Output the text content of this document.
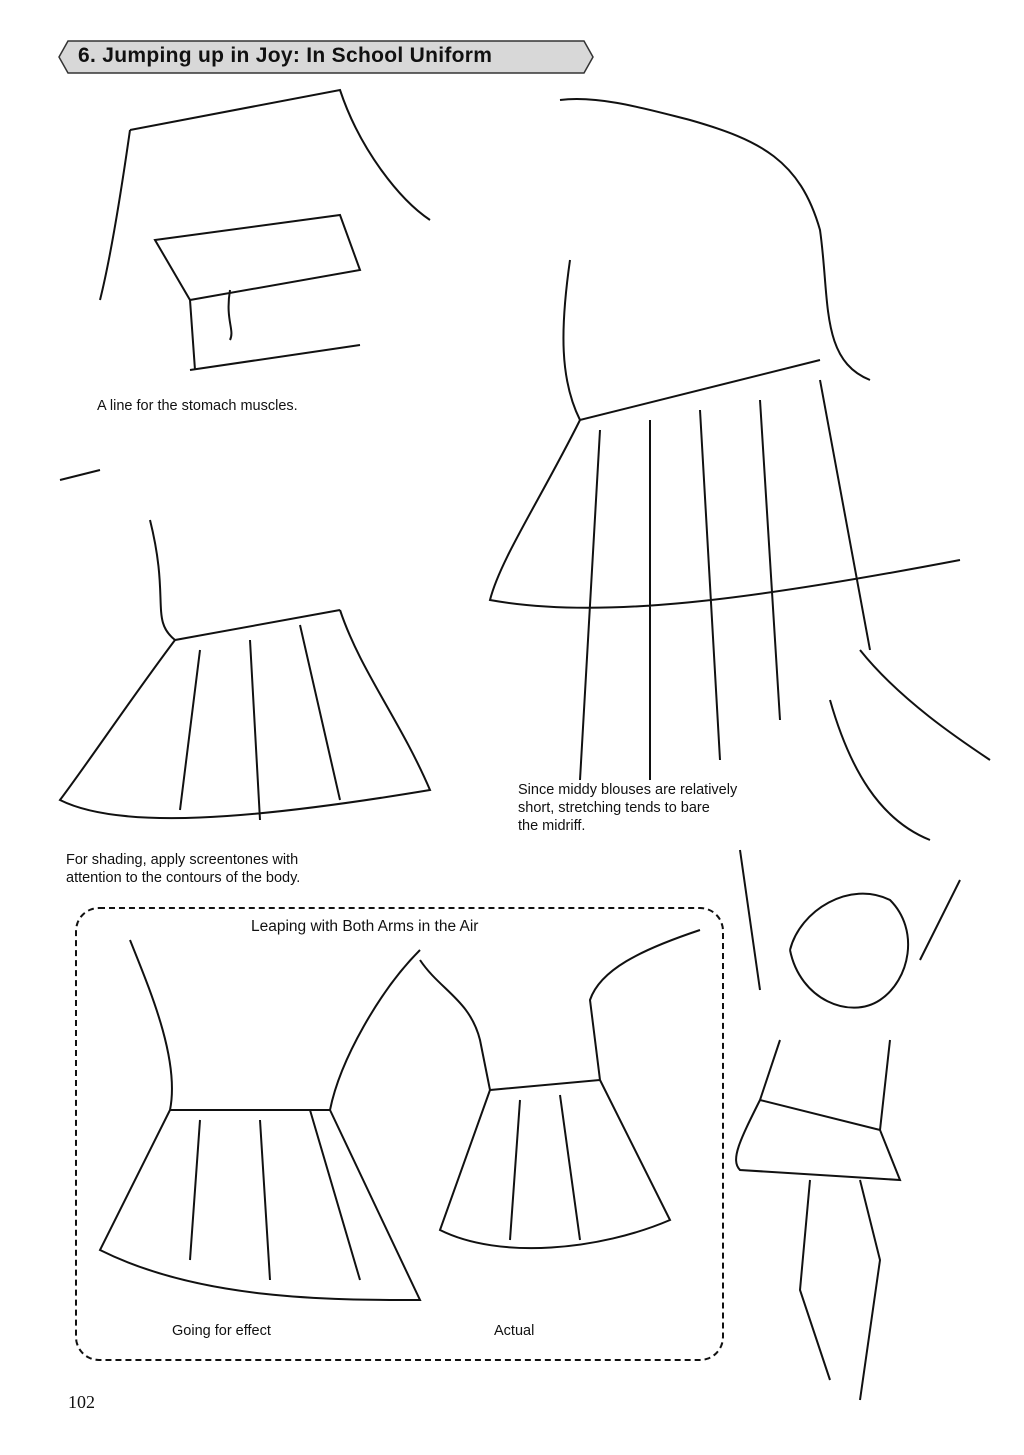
6. Jumping up in Joy: In School Uniform
A line for the stomach muscles.
For shading, apply screentones with
attention to the contours of the body.
Since middy blouses are relatively
short, stretching tends to bare
the midriff.
Leaping with Both Arms in the Air
Going for effect	Actual
102
